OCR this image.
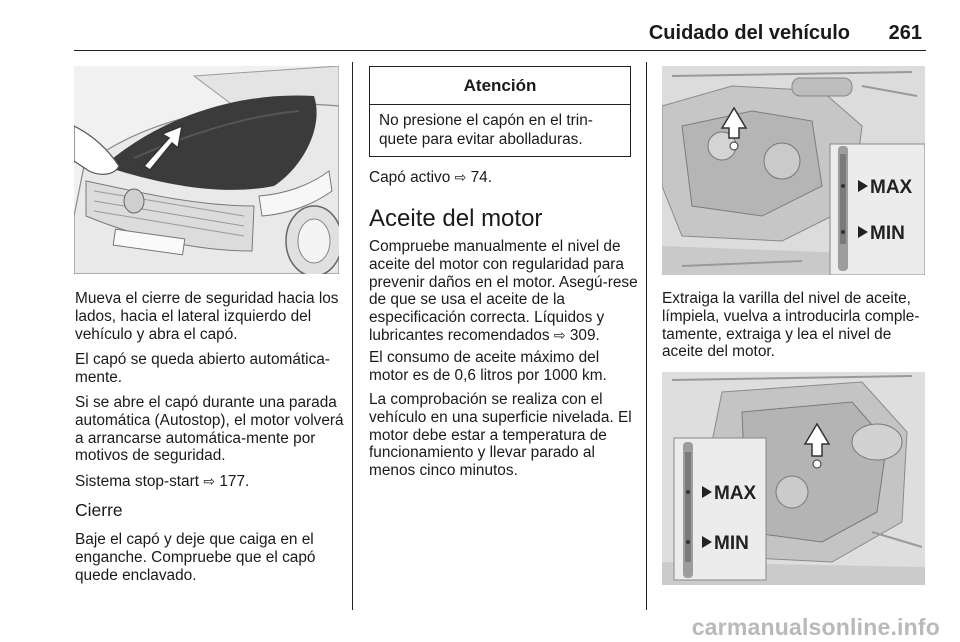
Cuidado del vehículo	261

Mueva el cierre de seguridad hacia los lados, hacia el lateral izquierdo del vehículo y abra el capó.

El capó se queda abierto automática-mente.

Si se abre el capó durante una parada automática (Autostop), el motor volverá a arrancarse automática-mente por motivos de seguridad.

Sistema stop-start ⇨ 177.

Cierre

Baje el capó y deje que caiga en el enganche. Compruebe que el capó quede enclavado.

Atención
No presione el capón en el trin-quete para evitar abolladuras.

Capó activo ⇨ 74.

Aceite del motor

Compruebe manualmente el nivel de aceite del motor con regularidad para prevenir daños en el motor. Asegú-rese de que se usa el aceite de la especificación correcta. Líquidos y lubricantes recomendados ⇨ 309.

El consumo de aceite máximo del motor es de 0,6 litros por 1000 km.

La comprobación se realiza con el vehículo en una superficie nivelada. El motor debe estar a temperatura de funcionamiento y llevar parado al menos cinco minutos.

MAX
MIN

Extraiga la varilla del nivel de aceite, límpiela, vuelva a introducirla comple-tamente, extraiga y lea el nivel de aceite del motor.

MAX
MIN
carmanualsonline.info
